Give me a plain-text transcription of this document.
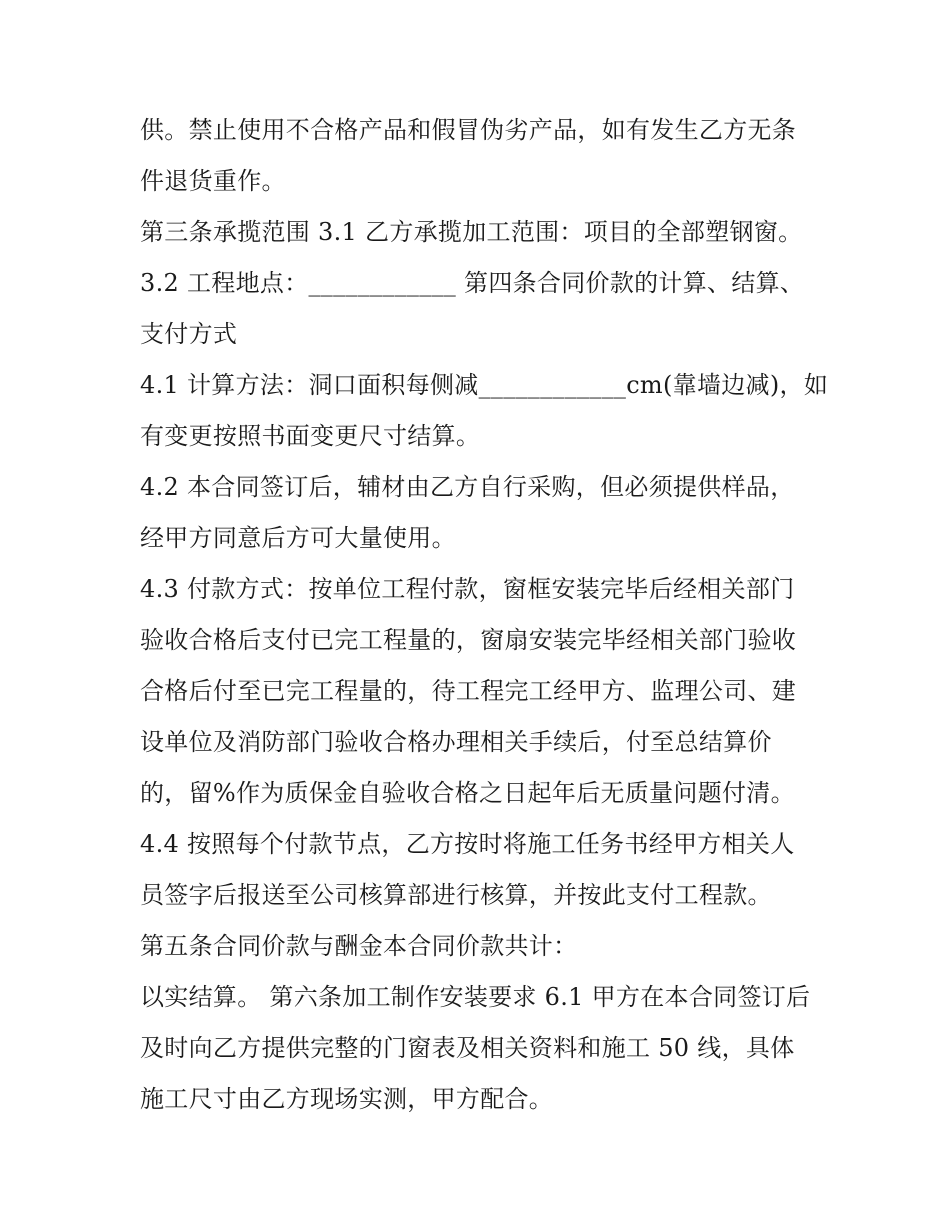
供。禁止使用不合格产品和假冒伪劣产品，如有发生乙方无条
件退货重作。
第三条承揽范围 3.1 乙方承揽加工范围：项目的全部塑钢窗。
3.2 工程地点：____________ 第四条合同价款的计算、结算、
支付方式
4.1 计算方法：洞口面积每侧减____________cm(靠墙边减)，如
有变更按照书面变更尺寸结算。
4.2 本合同签订后，辅材由乙方自行采购，但必须提供样品，
经甲方同意后方可大量使用。
4.3 付款方式：按单位工程付款，窗框安装完毕后经相关部门
验收合格后支付已完工程量的，窗扇安装完毕经相关部门验收
合格后付至已完工程量的，待工程完工经甲方、监理公司、建
设单位及消防部门验收合格办理相关手续后，付至总结算价
的，留%作为质保金自验收合格之日起年后无质量问题付清。
4.4 按照每个付款节点，乙方按时将施工任务书经甲方相关人
员签字后报送至公司核算部进行核算，并按此支付工程款。
第五条合同价款与酬金本合同价款共计：
以实结算。 第六条加工制作安装要求 6.1 甲方在本合同签订后
及时向乙方提供完整的门窗表及相关资料和施工 50 线，具体
施工尺寸由乙方现场实测，甲方配合。
